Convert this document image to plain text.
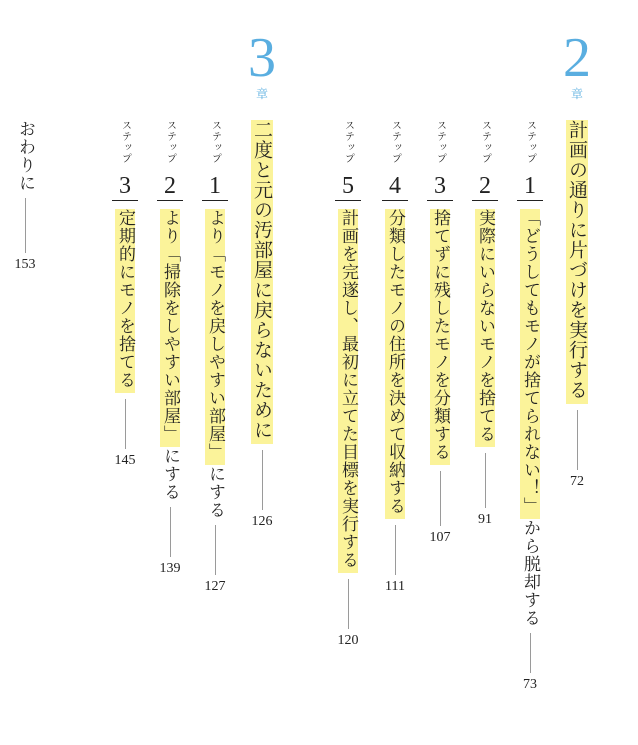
2
章
計画の通りに片づけを実行する
72
ステップ
1
「どうしてもモノが捨てられない！」から脱却する
73
ステップ
2
実際にいらないモノを捨てる
91
ステップ
3
捨てずに残したモノを分類する
107
ステップ
4
分類したモノの住所を決めて収納する
111
ステップ
5
計画を完遂し、最初に立てた目標を実行する
120
3
章
二度と元の汚部屋に戻らないために
126
ステップ
1
より「モノを戻しやすい部屋」にする
127
ステップ
2
より「掃除をしやすい部屋」にする
139
ステップ
3
定期的にモノを捨てる
145
おわりに
153
